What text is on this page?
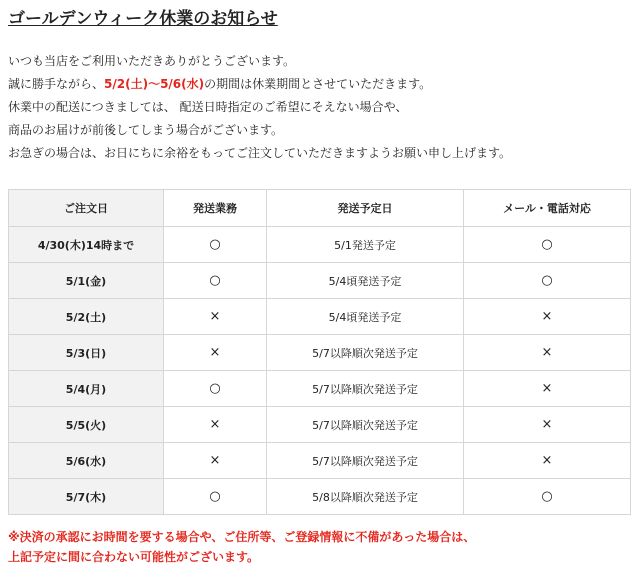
ゴールデンウィーク休業のお知らせ

いつも当店をご利用いただきありがとうございます。

誠に勝手ながら、5/2(土)〜5/6(水)の期間は休業期間とさせていただきます。

休業中の配送につきましては、 配送日時指定のご希望にそえない場合や、

商品のお届けが前後してしまう場合がございます。

お急ぎの場合は、お日にちに余裕をもってご注文していただきますようお願い申し上げます。

ご注文日	発送業務	発送予定日	メール・電話対応
4/30(木)14時まで	○	5/1発送予定	○
5/1(金)	○	5/4頃発送予定	○
5/2(土)	×	5/4頃発送予定	×
5/3(日)	×	5/7以降順次発送予定	×
5/4(月)	○	5/7以降順次発送予定	×
5/5(火)	×	5/7以降順次発送予定	×
5/6(水)	×	5/7以降順次発送予定	×
5/7(木)	○	5/8以降順次発送予定	○

※決済の承認にお時間を要する場合や、ご住所等、ご登録情報に不備があった場合は、

上記予定に間に合わない可能性がございます。
